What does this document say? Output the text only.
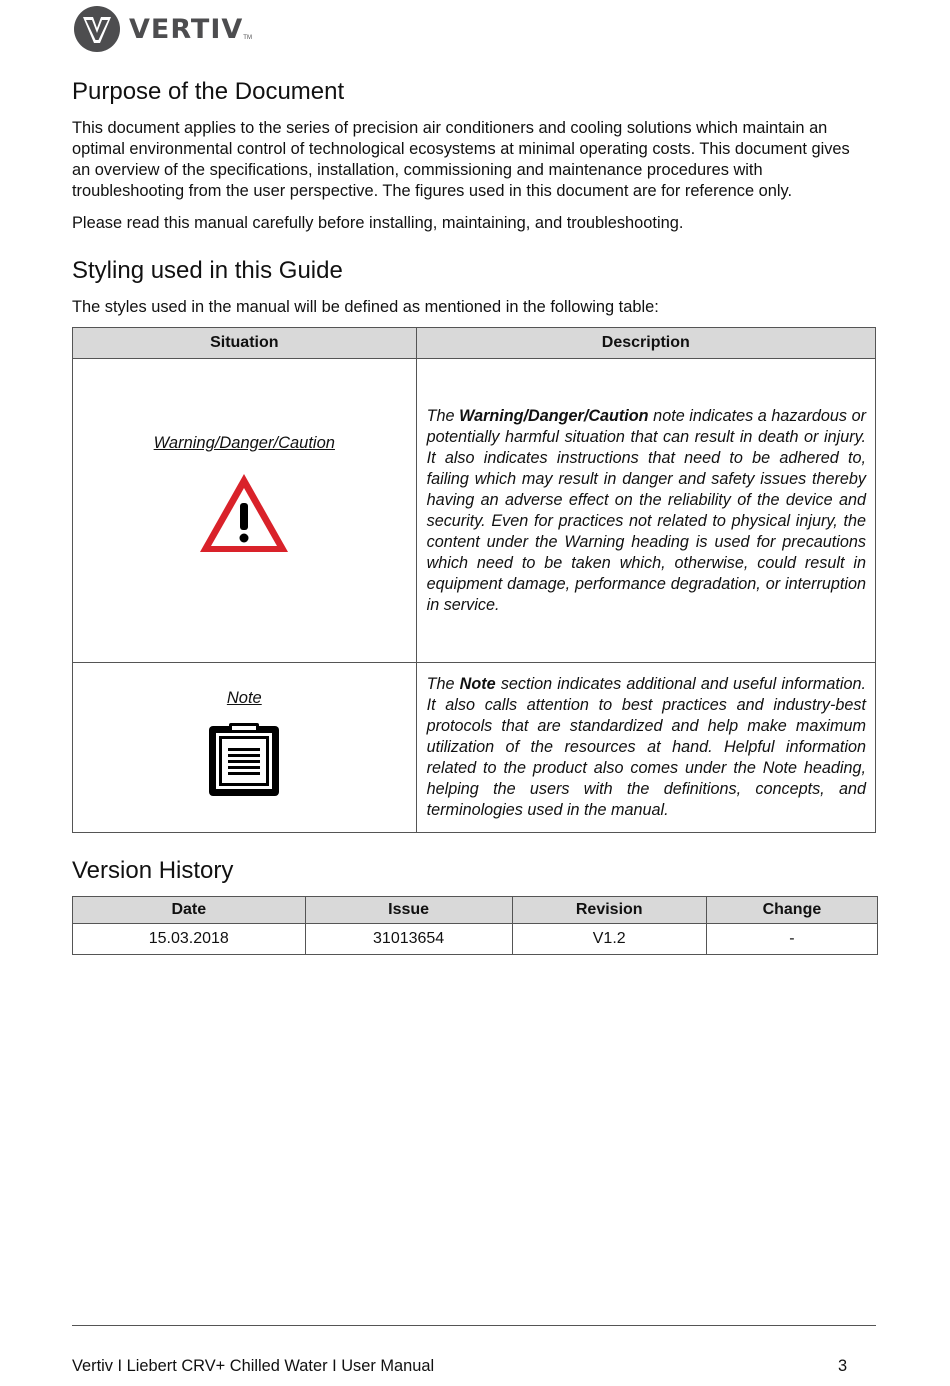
VERTIV TM
Purpose of the Document
This document applies to the series of precision air conditioners and cooling solutions which maintain an
optimal environmental control of technological ecosystems at minimal operating costs. This document gives
an overview of the specifications, installation, commissioning and maintenance procedures with
troubleshooting from the user perspective. The figures used in this document are for reference only.

Please read this manual carefully before installing, maintaining, and troubleshooting.

Styling used in this Guide

The styles used in the manual will be defined as mentioned in the following table:

Situation	Description

Warning/Danger/Caution	The Warning/Danger/Caution note indicates a hazardous or potentially harmful situation that can result in death or injury. It also indicates instructions that need to be adhered to, failing which may result in danger and safety issues thereby having an adverse effect on the reliability of the device and security. Even for practices not related to physical injury, the content under the Warning heading is used for precautions which need to be taken which, otherwise, could result in equipment damage, performance degradation, or interruption in service.

Note	The Note section indicates additional and useful information. It also calls attention to best practices and industry-best protocols that are standardized and help make maximum utilization of the resources at hand. Helpful information related to the product also comes under the Note heading, helping the users with the definitions, concepts, and terminologies used in the manual.
Version History
Date	Issue	Revision	Change
15.03.2018	31013654	V1.2	-
Vertiv I Liebert CRV+ Chilled Water I User Manual	3
